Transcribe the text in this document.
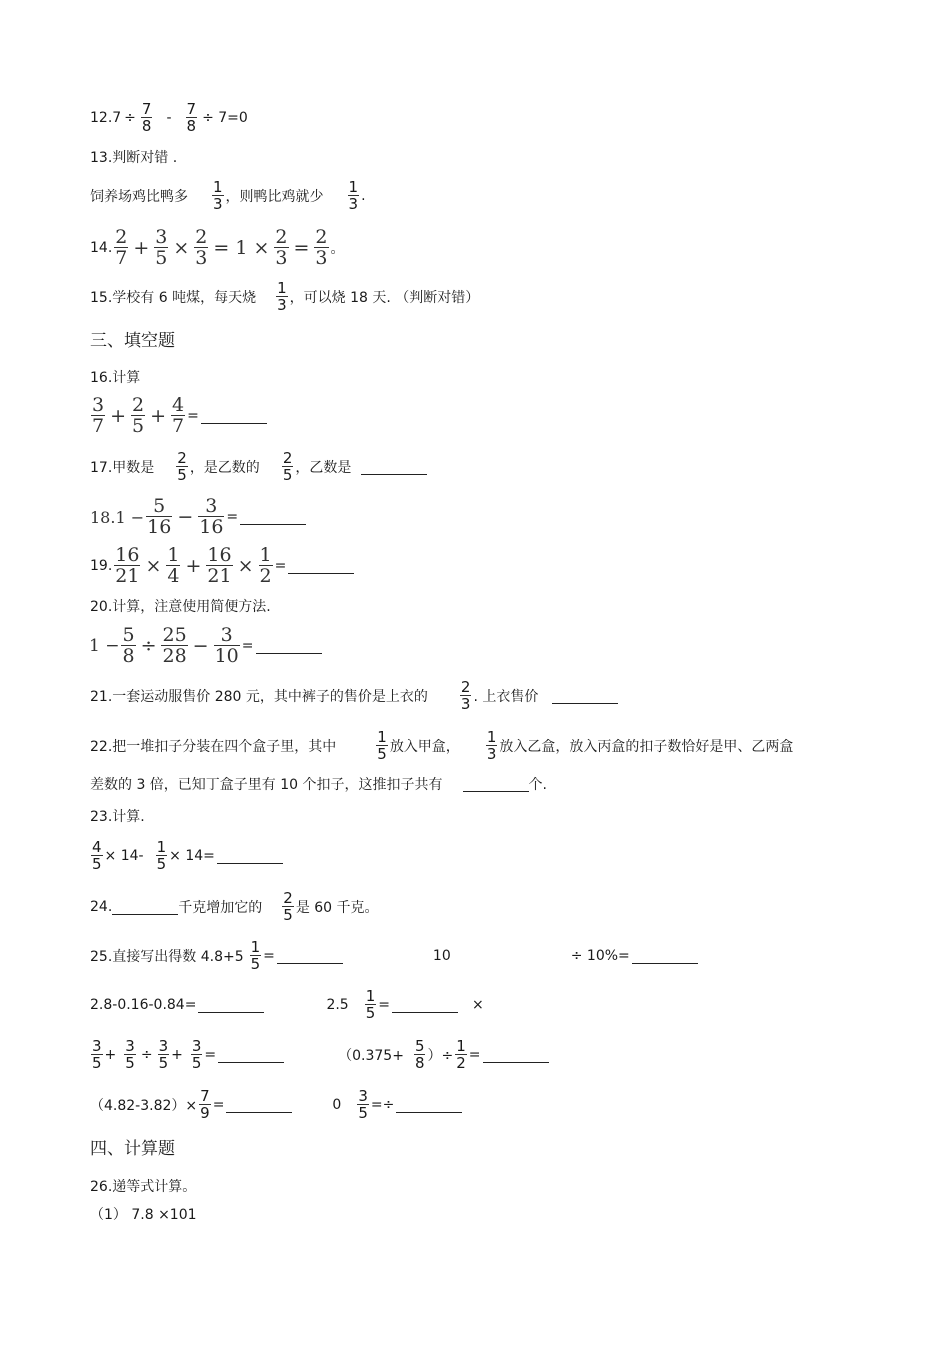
$12.7 \div \frac{7}{8} - \frac{7}{8} \div 7=0$
13.判断对错 .
饲养场鸡比鸭多
1
3 ，则鸭比鸡就少
1
3 .
14. 2
$7 + \frac{3}{5} \times \frac{2}{3} = 1 \times \frac{2}{3} = \frac{2}{3}$ 。
15.学校有 6 吨煤，每天烧
1
3 ，可以烧 18 天. （判断对错）
三、填空题
16.计算
3
$7 + \frac{2}{5} + \frac{4}{7}$ =
17.甲数是
2
5 ，是乙数的
2
5 ，乙数是
$18.1 - \frac{5}{16} - \frac{3}{16}$ =
19. $\frac{16}{21} \times \frac{1}{4} + \frac{16}{21} \times \frac{1}{2}$ =
20.计算，注意使用简便方法.
$1 - \frac{5}{8} \div \frac{25}{28} - \frac{3}{10}$ =
21.一套运动服售价 280 元，其中裤子的售价是上衣的
2
3 . 上衣售价
22.把一堆扣子分装在四个盒子里，其中
1
5 放入甲盒，
1
3 放入乙盒，放入丙盒的扣子数恰好是甲、乙两盒
差数的 3 倍，已知丁盒子里有 10 个扣子，这推扣子共有	个.
23.计算.
$\frac{4}{5} \times 14- \frac{1}{5} \times 14=$
24.	千克增加它的
2
5 是 60 千克。
25.直接写出得数 $4.8+5 \frac{1}{5}$ =	10	÷ 10%=
2.8-0.16-0.84=	$2.5 \frac{1}{5}$ =	×
3
$5 + \frac{3}{5} \div \frac{3}{5} + \frac{3}{5}$ =	（0.375+
5
8 ）÷ $\frac{1}{2}$ =
$(4.82-3.82)\times \frac{7}{9}$ =	$0 \frac{3}{5}$ =÷
四、计算题
26.递等式计算。
（1） 7.8 ×101
